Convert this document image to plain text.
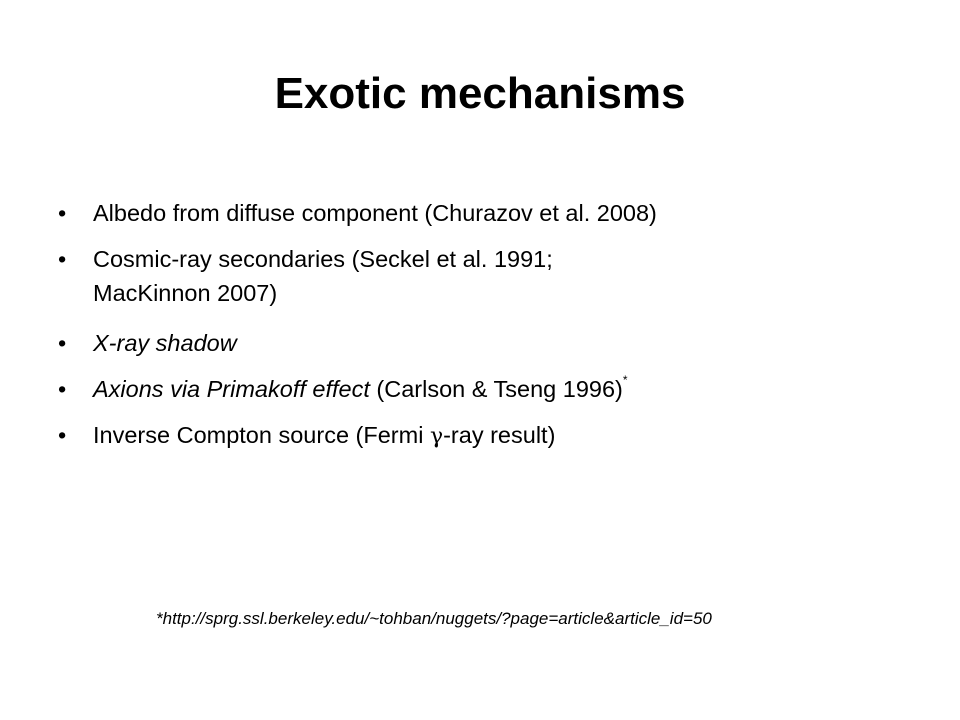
Exotic mechanisms
• Albedo from diffuse component (Churazov et al. 2008)
• Cosmic-ray secondaries (Seckel et al. 1991;
MacKinnon 2007)
• X-ray shadow
• Axions via Primakoff effect (Carlson & Tseng 1996)*
• Inverse Compton source (Fermi γ-ray result)
*http://sprg.ssl.berkeley.edu/~tohban/nuggets/?page=article&article_id=50
